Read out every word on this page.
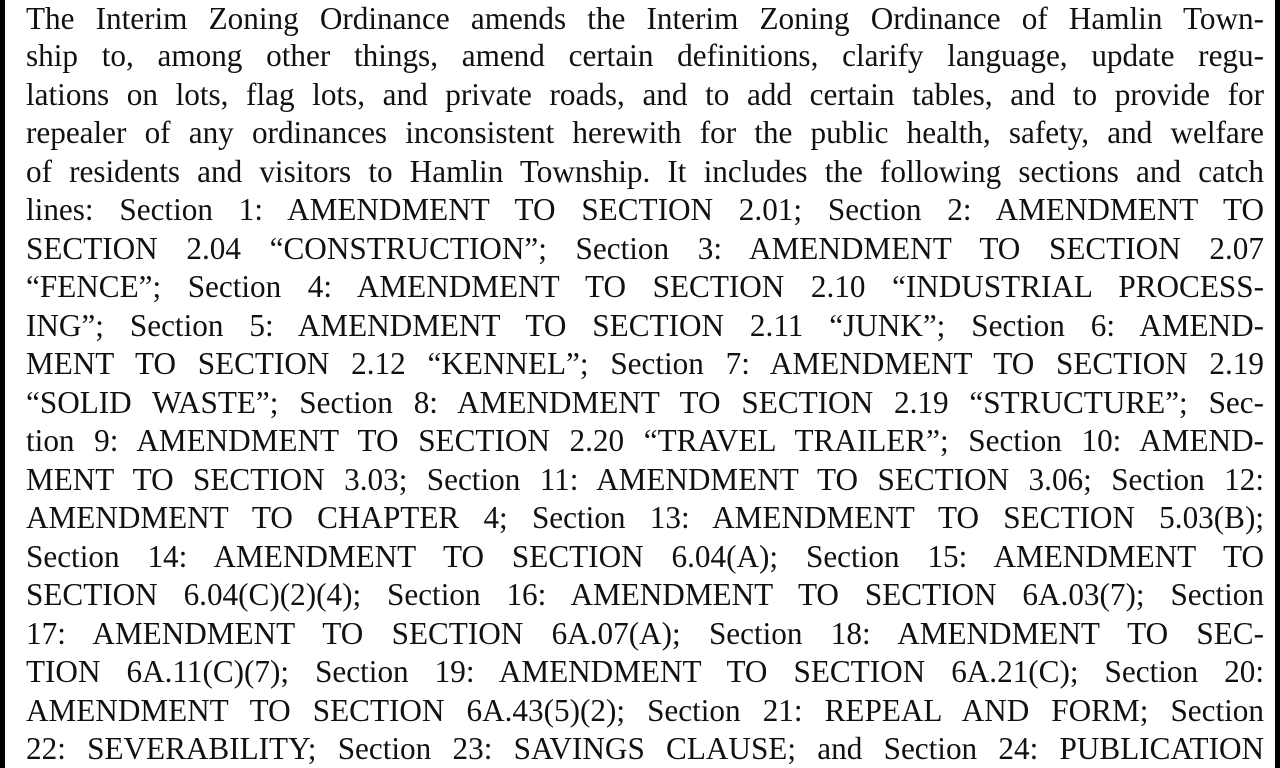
The Interim Zoning Ordinance amends the Interim Zoning Ordinance of Hamlin Town-
ship to, among other things, amend certain definitions, clarify language, update regu-
lations on lots, flag lots, and private roads, and to add certain tables, and to provide for
repealer of any ordinances inconsistent herewith for the public health, safety, and welfare
of residents and visitors to Hamlin Township. It includes the following sections and catch
lines: Section 1: AMENDMENT TO SECTION 2.01; Section 2: AMENDMENT TO
SECTION 2.04 “CONSTRUCTION”; Section 3: AMENDMENT TO SECTION 2.07
“FENCE”; Section 4: AMENDMENT TO SECTION 2.10 “INDUSTRIAL PROCESS-
ING”; Section 5: AMENDMENT TO SECTION 2.11 “JUNK”; Section 6: AMEND-
MENT TO SECTION 2.12 “KENNEL”; Section 7: AMENDMENT TO SECTION 2.19
“SOLID WASTE”; Section 8: AMENDMENT TO SECTION 2.19 “STRUCTURE”; Sec-
tion 9: AMENDMENT TO SECTION 2.20 “TRAVEL TRAILER”; Section 10: AMEND-
MENT TO SECTION 3.03; Section 11: AMENDMENT TO SECTION 3.06; Section 12:
AMENDMENT TO CHAPTER 4; Section 13: AMENDMENT TO SECTION 5.03(B);
Section 14: AMENDMENT TO SECTION 6.04(A); Section 15: AMENDMENT TO
SECTION 6.04(C)(2)(4); Section 16: AMENDMENT TO SECTION 6A.03(7); Section
17: AMENDMENT TO SECTION 6A.07(A); Section 18: AMENDMENT TO SEC-
TION 6A.11(C)(7); Section 19: AMENDMENT TO SECTION 6A.21(C); Section 20:
AMENDMENT TO SECTION 6A.43(5)(2); Section 21: REPEAL AND FORM; Section
22: SEVERABILITY; Section 23: SAVINGS CLAUSE; and Section 24: PUBLICATION
